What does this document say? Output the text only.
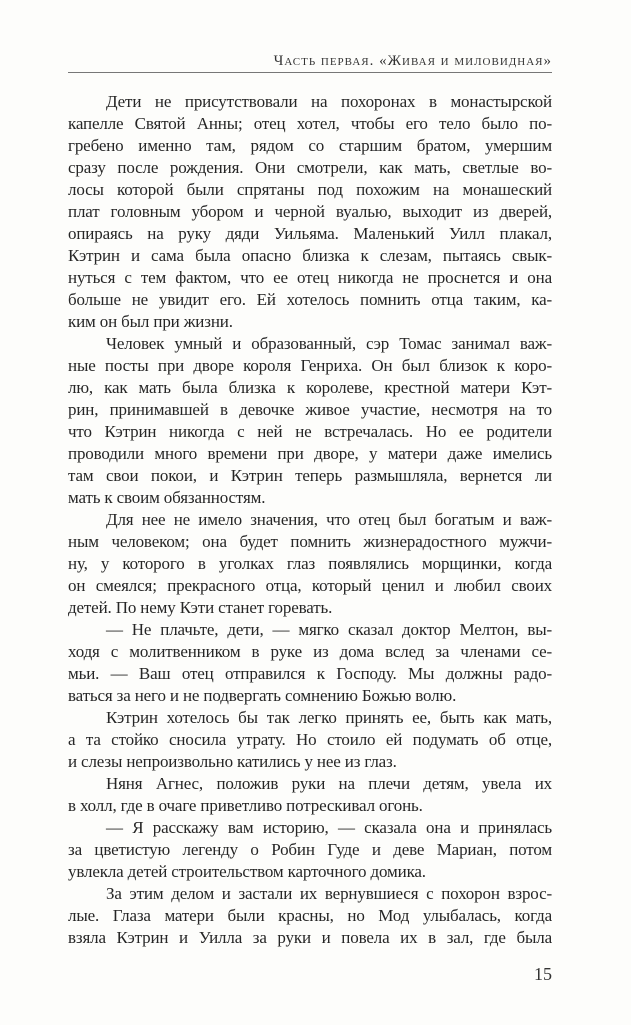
Часть первая. «Живая и миловидная»
Дети не присутствовали на похоронах в монастырской
капелле Святой Анны; отец хотел, чтобы его тело было по-
гребено именно там, рядом со старшим братом, умершим
сразу после рождения. Они смотрели, как мать, светлые во-
лосы которой были спрятаны под похожим на монашеский
плат головным убором и черной вуалью, выходит из дверей,
опираясь на руку дяди Уильяма. Маленький Уилл плакал,
Кэтрин и сама была опасно близка к слезам, пытаясь свык-
нуться с тем фактом, что ее отец никогда не проснется и она
больше не увидит его. Ей хотелось помнить отца таким, ка-
ким он был при жизни.
Человек умный и образованный, сэр Томас занимал важ-
ные посты при дворе короля Генриха. Он был близок к коро-
лю, как мать была близка к королеве, крестной матери Кэт-
рин, принимавшей в девочке живое участие, несмотря на то
что Кэтрин никогда с ней не встречалась. Но ее родители
проводили много времени при дворе, у матери даже имелись
там свои покои, и Кэтрин теперь размышляла, вернется ли
мать к своим обязанностям.
Для нее не имело значения, что отец был богатым и важ-
ным человеком; она будет помнить жизнерадостного мужчи-
ну, у которого в уголках глаз появлялись морщинки, когда
он смеялся; прекрасного отца, который ценил и любил своих
детей. По нему Кэти станет горевать.
— Не плачьте, дети, — мягко сказал доктор Мелтон, вы-
ходя с молитвенником в руке из дома вслед за членами се-
мьи. — Ваш отец отправился к Господу. Мы должны радо-
ваться за него и не подвергать сомнению Божью волю.
Кэтрин хотелось бы так легко принять ее, быть как мать,
а та стойко сносила утрату. Но стоило ей подумать об отце,
и слезы непроизвольно катились у нее из глаз.
Няня Агнес, положив руки на плечи детям, увела их
в холл, где в очаге приветливо потрескивал огонь.
— Я расскажу вам историю, — сказала она и принялась
за цветистую легенду о Робин Гуде и деве Мариан, потом
увлекла детей строительством карточного домика.
За этим делом и застали их вернувшиеся с похорон взрос-
лые. Глаза матери были красны, но Мод улыбалась, когда
взяла Кэтрин и Уилла за руки и повела их в зал, где была
15
